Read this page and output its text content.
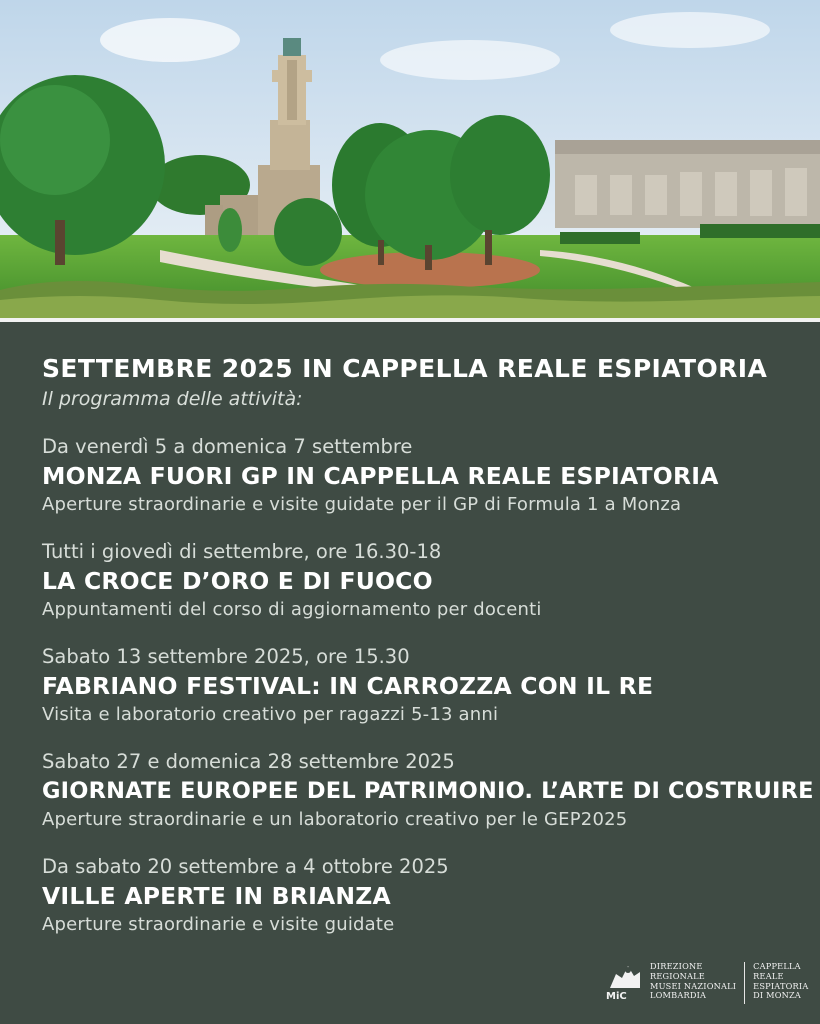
SETTEMBRE 2025 IN CAPPELLA REALE ESPIATORIA
Il programma delle attività:
Da venerdì 5 a domenica 7 settembre
MONZA FUORI GP IN CAPPELLA REALE ESPIATORIA
Aperture straordinarie e visite guidate per il GP di Formula 1 a Monza
Tutti i giovedì di settembre, ore 16.30-18
LA CROCE D’ORO E DI FUOCO
Appuntamenti del corso di aggiornamento per docenti
Sabato 13 settembre 2025, ore 15.30
FABRIANO FESTIVAL: IN CARROZZA CON IL RE
Visita e laboratorio creativo per ragazzi 5-13 anni
Sabato 27 e domenica 28 settembre 2025
GIORNATE EUROPEE DEL PATRIMONIO. L’ARTE DI COSTRUIRE
Aperture straordinarie e un laboratorio creativo per le GEP2025
Da sabato 20 settembre a 4 ottobre 2025
VILLE APERTE IN BRIANZA
Aperture straordinarie e visite guidate
MiC
DIREZIONE
REGIONALE
MUSEI NAZIONALI
LOMBARDIA
CAPPELLA
REALE
ESPIATORIA
DI MONZA
